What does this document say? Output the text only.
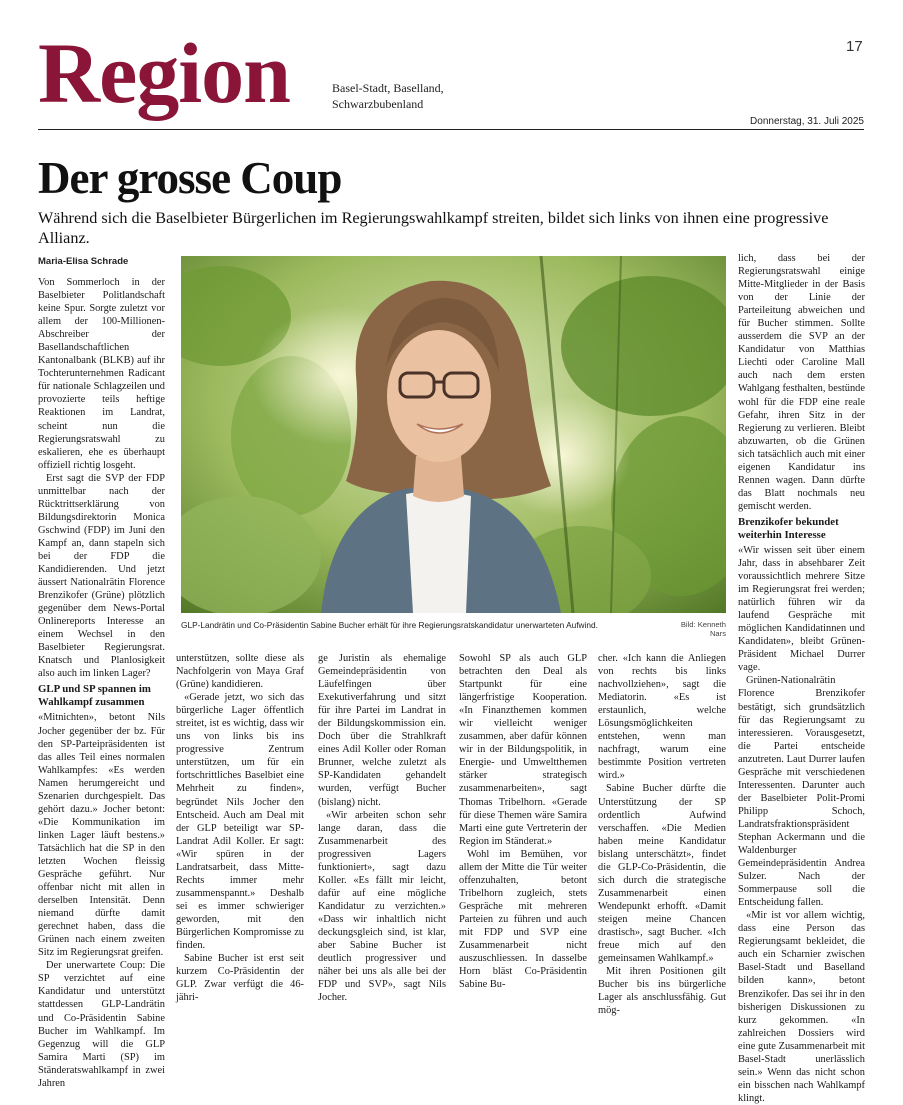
Region	Basel-Stadt, Baselland,
Schwarzbubenland
17
Donnerstag, 31. Juli 2025
Der grosse Coup
Während sich die Baselbieter Bürgerlichen im Regierungswahlkampf streiten, bildet sich links von ihnen eine progressive Allianz.
Maria-Elisa Schrade

Von Sommerloch in der Baselbieter Politlandschaft keine Spur. Sorgte zuletzt vor allem der 100-Millionen-Abschreiber der Basellandschaftlichen Kantonalbank (BLKB) auf ihr Tochterunternehmen Radicant für nationale Schlagzeilen und provozierte teils heftige Reaktionen im Landrat, scheint nun die Regierungsratswahl zu eskalieren, ehe es überhaupt offiziell richtig losgeht.

Erst sagt die SVP der FDP unmittelbar nach der Rücktrittserklärung von Bildungsdirektorin Monica Gschwind (FDP) im Juni den Kampf an, dann stapeln sich bei der FDP die Kandidierenden. Und jetzt äussert Nationalrätin Florence Brenzikofer (Grüne) plötzlich gegenüber dem News-Portal Onlinereports Interesse an einem Wechsel in den Baselbieter Regierungsrat. Knatsch und Planlosigkeit also auch im linken Lager?

GLP und SP spannen im Wahlkampf zusammen

«Mitnichten», betont Nils Jocher gegenüber der bz. Für den SP-Parteipräsidenten ist das alles Teil eines normalen Wahlkampfes: «Es werden Namen herumgereicht und Szenarien durchgespielt. Das gehört dazu.» Jocher betont: «Die Kommunikation im linken Lager läuft bestens.» Tatsächlich hat die SP in den letzten Wochen fleissig Gespräche geführt. Nur offenbar nicht mit allen in derselben Intensität. Denn niemand dürfte damit gerechnet haben, dass die Grünen nach einem zweiten Sitz im Regierungsrat greifen.

Der unerwartete Coup: Die SP verzichtet auf eine Kandidatur und unterstützt stattdessen GLP-Landrätin und Co-Präsidentin Sabine Bucher im Wahlkampf. Im Gegenzug will die GLP Samira Marti (SP) im Ständeratswahlkampf in zwei Jahren

GLP-Landrätin und Co-Präsidentin Sabine Bucher erhält für ihre Regierungsratskandidatur unerwarteten Aufwind.	Bild: Kenneth Nars

unterstützen, sollte diese als Nachfolgerin von Maya Graf (Grüne) kandidieren.

«Gerade jetzt, wo sich das bürgerliche Lager öffentlich streitet, ist es wichtig, dass wir uns von links bis ins progressive Zentrum unterstützen, um für ein fortschrittliches Baselbiet eine Mehrheit zu finden», begründet Nils Jocher den Entscheid. Auch am Deal mit der GLP beteiligt war SP-Landrat Adil Koller. Er sagt: «Wir spüren in der Landratsarbeit, dass Mitte-Rechts immer mehr zusammenspannt.» Deshalb sei es immer schwieriger geworden, mit den Bürgerlichen Kompromisse zu finden.

Sabine Bucher ist erst seit kurzem Co-Präsidentin der GLP. Zwar verfügt die 46-jähri-

ge Juristin als ehemalige Gemeindepräsidentin von Läufelfingen über Exekutiverfahrung und sitzt für ihre Partei im Landrat in der Bildungskommission ein. Doch über die Strahlkraft eines Adil Koller oder Roman Brunner, welche zuletzt als SP-Kandidaten gehandelt wurden, verfügt Bucher (bislang) nicht.

«Wir arbeiten schon sehr lange daran, dass die Zusammenarbeit des progressiven Lagers funktioniert», sagt dazu Koller. «Es fällt mir leicht, dafür auf eine mögliche Kandidatur zu verzichten.» «Dass wir inhaltlich nicht deckungsgleich sind, ist klar, aber Sabine Bucher ist deutlich progressiver und näher bei uns als alle bei der FDP und SVP», sagt Nils Jocher.

Sowohl SP als auch GLP betrachten den Deal als Startpunkt für eine längerfristige Kooperation. «In Finanzthemen kommen wir vielleicht weniger zusammen, aber dafür können wir in der Bildungspolitik, in Energie- und Umweltthemen stärker strategisch zusammenarbeiten», sagt Thomas Tribelhorn. «Gerade für diese Themen wäre Samira Marti eine gute Vertreterin der Region im Ständerat.»

Wohl im Bemühen, vor allem der Mitte die Tür weiter offenzuhalten, betont Tribelhorn zugleich, stets Gespräche mit mehreren Parteien zu führen und auch mit FDP und SVP eine Zusammenarbeit nicht auszuschliessen. In dasselbe Horn bläst Co-Präsidentin Sabine Bu-

cher. «Ich kann die Anliegen von rechts bis links nachvollziehen», sagt die Mediatorin. «Es ist erstaunlich, welche Lösungsmöglichkeiten entstehen, wenn man nachfragt, warum eine bestimmte Position vertreten wird.»

Sabine Bucher dürfte die Unterstützung der SP ordentlich Aufwind verschaffen. «Die Medien haben meine Kandidatur bislang unterschätzt», findet die GLP-Co-Präsidentin, die sich durch die strategische Zusammenarbeit einen Wendepunkt erhofft. «Damit steigen meine Chancen drastisch», sagt Bucher. «Ich freue mich auf den gemeinsamen Wahlkampf.»

Mit ihren Positionen gilt Bucher bis ins bürgerliche Lager als anschlussfähig. Gut mög-

lich, dass bei der Regierungsratswahl einige Mitte-Mitglieder in der Basis von der Linie der Parteileitung abweichen und für Bucher stimmen. Sollte ausserdem die SVP an der Kandidatur von Matthias Liechti oder Caroline Mall auch nach dem ersten Wahlgang festhalten, bestünde wohl für die FDP eine reale Gefahr, ihren Sitz in der Regierung zu verlieren. Bleibt abzuwarten, ob die Grünen sich tatsächlich auch mit einer eigenen Kandidatur ins Rennen wagen. Dann dürfte das Blatt nochmals neu gemischt werden.

Brenzikofer bekundet weiterhin Interesse

«Wir wissen seit über einem Jahr, dass in absehbarer Zeit voraussichtlich mehrere Sitze im Regierungsrat frei werden; natürlich führen wir da laufend Gespräche mit möglichen Kandidatinnen und Kandidaten», bleibt Grünen-Präsident Michael Durrer vage.

Grünen-Nationalrätin Florence Brenzikofer bestätigt, sich grundsätzlich für das Regierungsamt zu interessieren. Vorausgesetzt, die Partei entscheide anzutreten. Laut Durrer laufen Gespräche mit verschiedenen Interessenten. Darunter auch der Baselbieter Polit-Promi Philipp Schoch, Landratsfraktionspräsident Stephan Ackermann und die Waldenburger Gemeindepräsidentin Andrea Sulzer. Nach der Sommerpause soll die Entscheidung fallen.

«Mir ist vor allem wichtig, dass eine Person das Regierungsamt bekleidet, die auch ein Scharnier zwischen Basel-Stadt und Baselland bilden kann», betont Brenzikofer. Das sei ihr in den bisherigen Diskussionen zu kurz gekommen. «In zahlreichen Dossiers wird eine gute Zusammenarbeit mit Basel-Stadt unerlässlich sein.» Wenn das nicht schon ein bisschen nach Wahlkampf klingt.
